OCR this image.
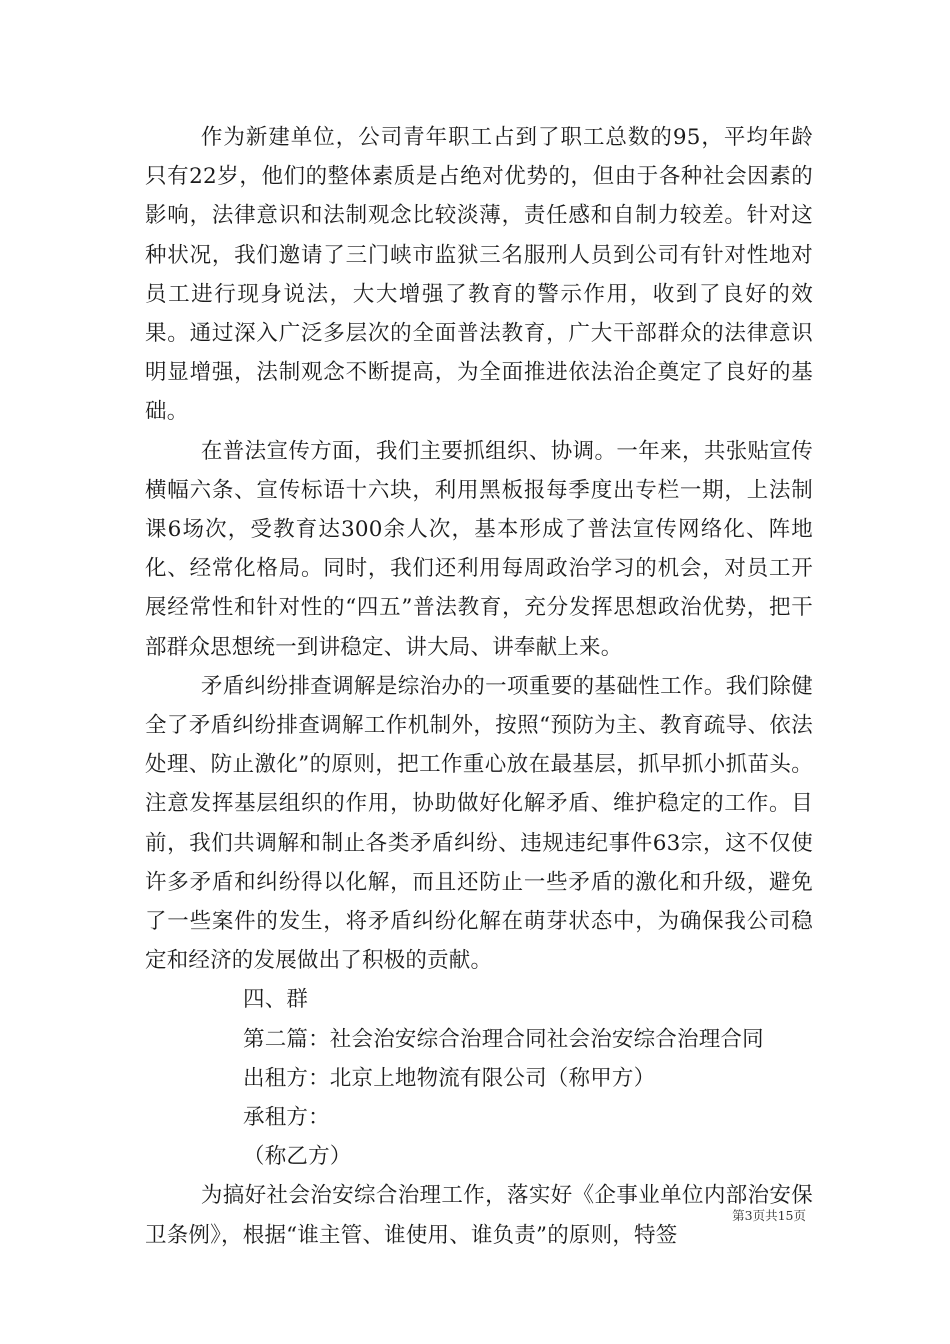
作为新建单位，公司青年职工占到了职工总数的95，平均年龄只有22岁，他们的整体素质是占绝对优势的，但由于各种社会因素的影响，法律意识和法制观念比较淡薄，责任感和自制力较差。针对这种状况，我们邀请了三门峡市监狱三名服刑人员到公司有针对性地对员工进行现身说法，大大增强了教育的警示作用，收到了良好的效果。通过深入广泛多层次的全面普法教育，广大干部群众的法律意识明显增强，法制观念不断提高，为全面推进依法治企奠定了良好的基础。

在普法宣传方面，我们主要抓组织、协调。一年来，共张贴宣传横幅六条、宣传标语十六块，利用黑板报每季度出专栏一期，上法制课6场次，受教育达300余人次，基本形成了普法宣传网络化、阵地化、经常化格局。同时，我们还利用每周政治学习的机会，对员工开展经常性和针对性的“四五”普法教育，充分发挥思想政治优势，把干部群众思想统一到讲稳定、讲大局、讲奉献上来。

矛盾纠纷排查调解是综治办的一项重要的基础性工作。我们除健全了矛盾纠纷排查调解工作机制外，按照“预防为主、教育疏导、依法处理、防止激化”的原则，把工作重心放在最基层，抓早抓小抓苗头。注意发挥基层组织的作用，协助做好化解矛盾、维护稳定的工作。目前，我们共调解和制止各类矛盾纠纷、违规违纪事件63宗，这不仅使许多矛盾和纠纷得以化解，而且还防止一些矛盾的激化和升级，避免了一些案件的发生，将矛盾纠纷化解在萌芽状态中，为确保我公司稳定和经济的发展做出了积极的贡献。

四、群

第二篇：社会治安综合治理合同社会治安综合治理合同

出租方：北京上地物流有限公司（称甲方）

承租方：

（称乙方）

为搞好社会治安综合治理工作，落实好《企事业单位内部治安保卫条例》，根据“谁主管、谁使用、谁负责”的原则，特签

第3页共15页
